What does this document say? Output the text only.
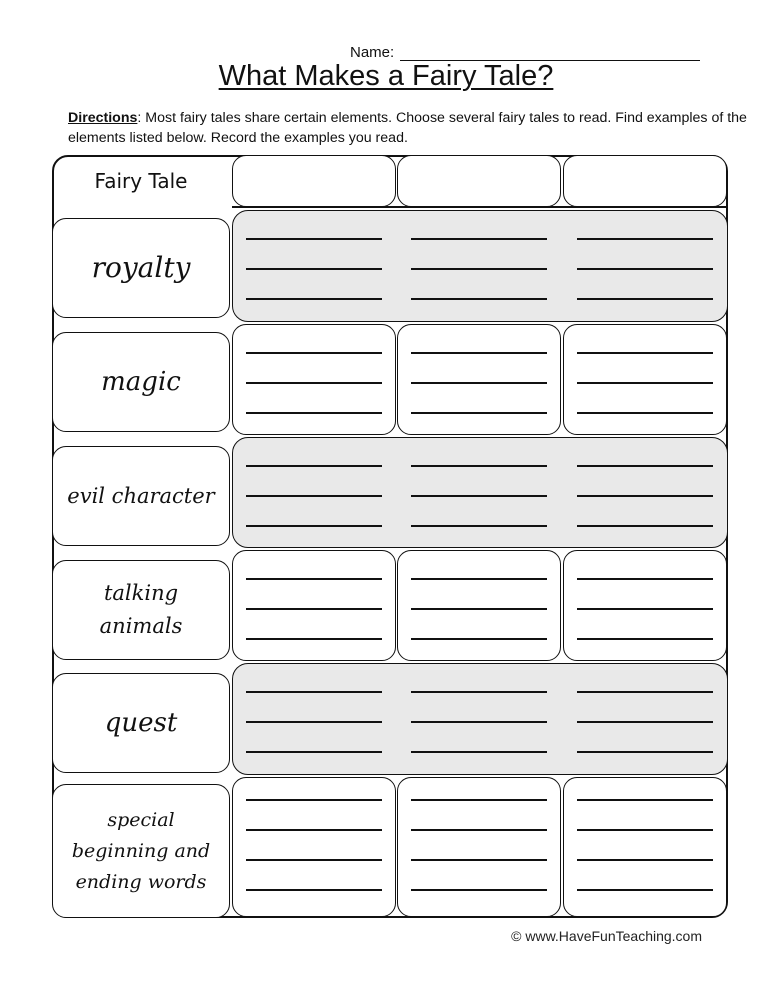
Name:
What Makes a Fairy Tale?
Directions: Most fairy tales share certain elements. Choose several fairy tales to read. Find examples of the elements listed below. Record the examples you read.
royalty
magic
evil character
talking animals
quest
special beginning and ending words
Fairy Tale
© www.HaveFunTeaching.com
